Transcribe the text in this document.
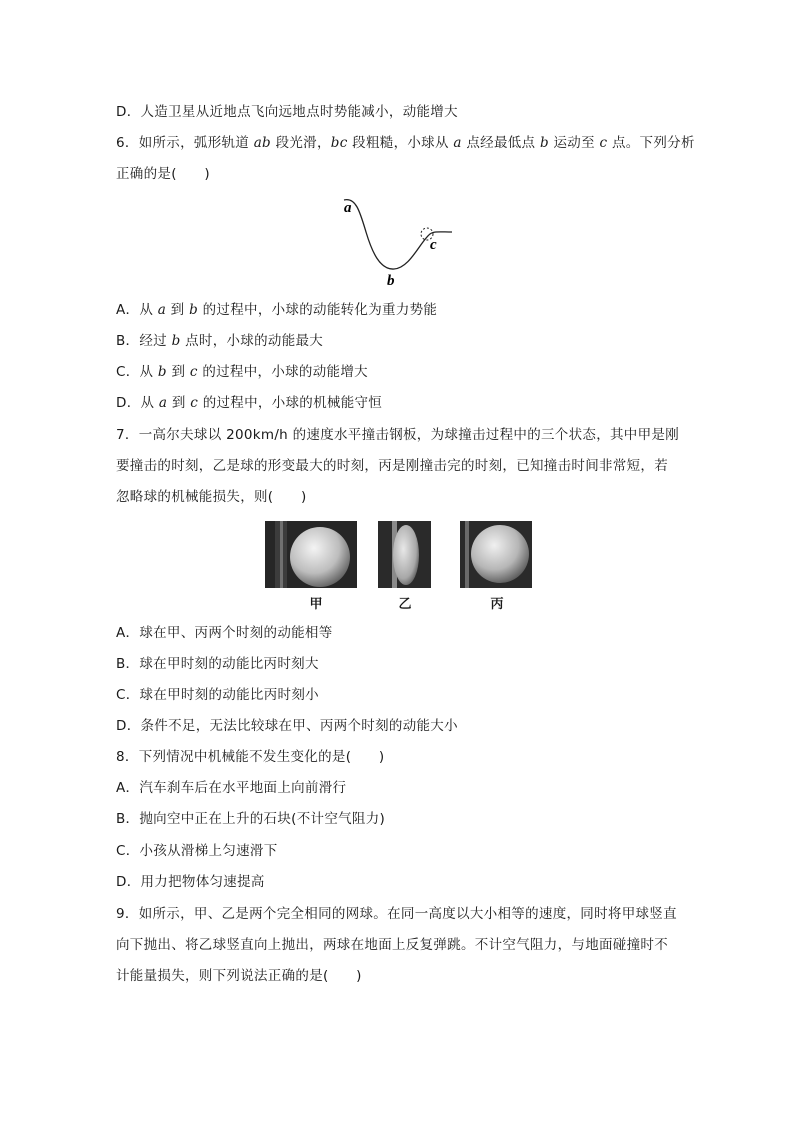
D．人造卫星从近地点飞向远地点时势能减小，动能增大
6．如所示，弧形轨道 ab 段光滑，bc 段粗糙，小球从 a 点经最低点 b 运动至 c 点。下列分析
正确的是(　　)
a
b
c
A．从 a 到 b 的过程中，小球的动能转化为重力势能
B．经过 b 点时，小球的动能最大
C．从 b 到 c 的过程中，小球的动能增大
D．从 a 到 c 的过程中，小球的机械能守恒
7．一高尔夫球以 200km/h 的速度水平撞击钢板，为球撞击过程中的三个状态，其中甲是刚
要撞击的时刻，乙是球的形变最大的时刻，丙是刚撞击完的时刻，已知撞击时间非常短，若
忽略球的机械能损失，则(　　)
甲	乙	丙
A．球在甲、丙两个时刻的动能相等
B．球在甲时刻的动能比丙时刻大
C．球在甲时刻的动能比丙时刻小
D．条件不足，无法比较球在甲、丙两个时刻的动能大小
8．下列情况中机械能不发生变化的是(　　)
A．汽车刹车后在水平地面上向前滑行
B．抛向空中正在上升的石块(不计空气阻力)
C．小孩从滑梯上匀速滑下
D．用力把物体匀速提高
9．如所示，甲、乙是两个完全相同的网球。在同一高度以大小相等的速度，同时将甲球竖直
向下抛出、将乙球竖直向上抛出，两球在地面上反复弹跳。不计空气阻力，与地面碰撞时不
计能量损失，则下列说法正确的是(　　)
